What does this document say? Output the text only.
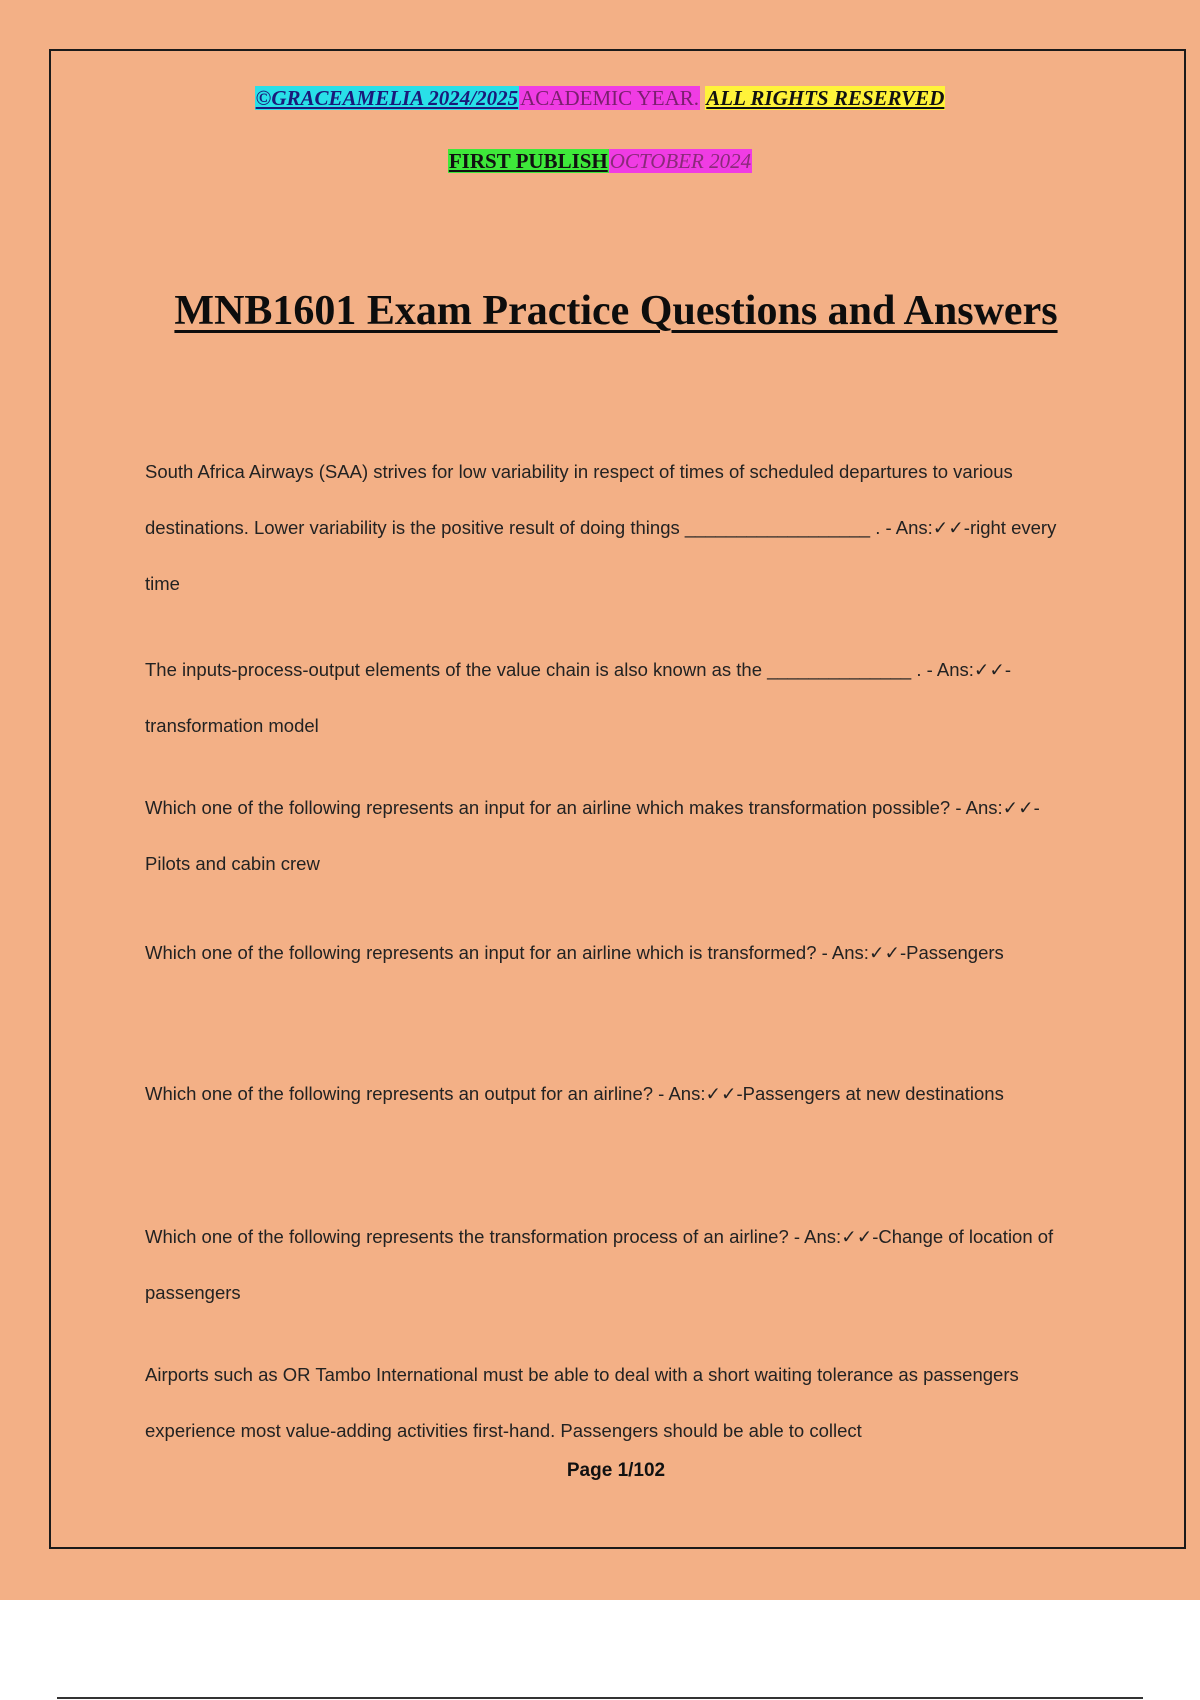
©GRACEAMELIA 2024/2025ACADEMIC YEAR. ALL RIGHTS RESERVED
FIRST PUBLISHOCTOBER 2024
MNB1601 Exam Practice Questions and Answers

South Africa Airways (SAA) strives for low variability in respect of times of scheduled departures to various destinations. Lower variability is the positive result of doing things __________________ . - Ans:✓✓-right every time

The inputs-process-output elements of the value chain is also known as the ______________ . - Ans:✓✓-transformation model

Which one of the following represents an input for an airline which makes transformation possible? - Ans:✓✓-Pilots and cabin crew

Which one of the following represents an input for an airline which is transformed? - Ans:✓✓-Passengers

Which one of the following represents an output for an airline? - Ans:✓✓-Passengers at new destinations

Which one of the following represents the transformation process of an airline? - Ans:✓✓-Change of location of passengers

Airports such as OR Tambo International must be able to deal with a short waiting tolerance as passengers experience most value-adding activities first-hand. Passengers should be able to collect

Page 1/102
